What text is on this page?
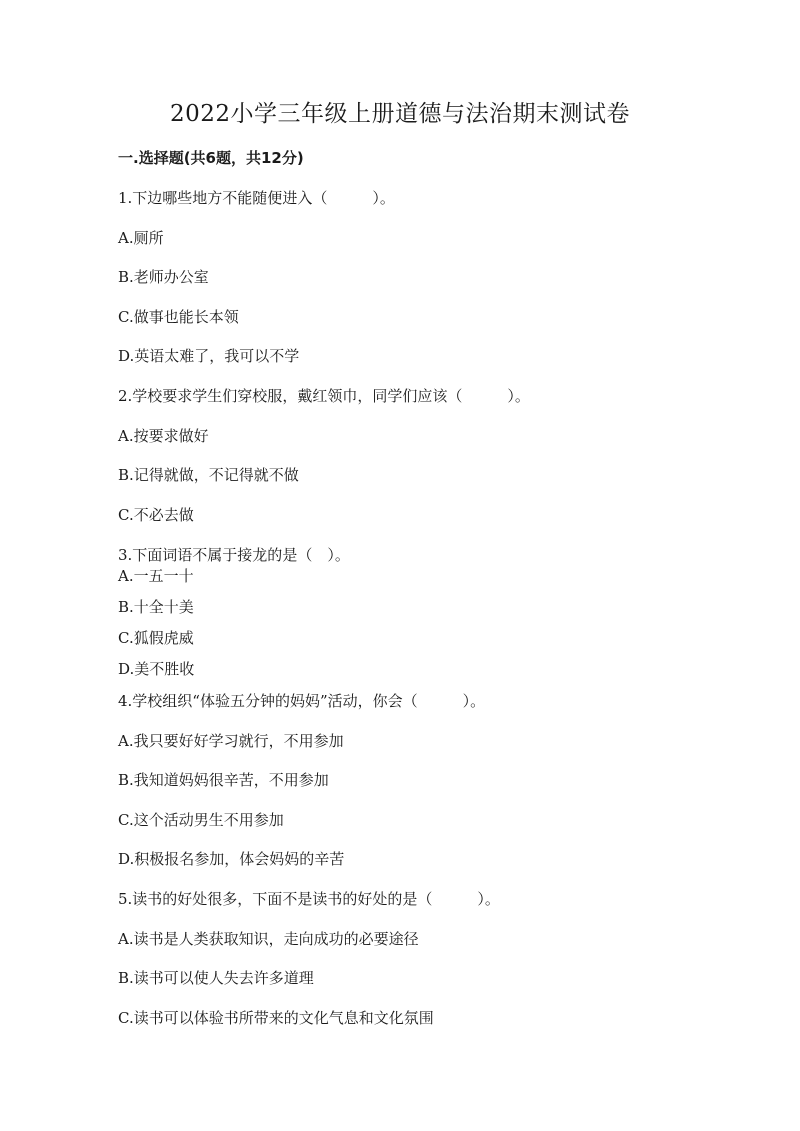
2022小学三年级上册道德与法治期末测试卷
一.选择题(共6题，共12分)
1.下边哪些地方不能随便进入（　　　）。
A.厕所
B.老师办公室
C.做事也能长本领
D.英语太难了，我可以不学
2.学校要求学生们穿校服，戴红领巾，同学们应该（　　　）。
A.按要求做好
B.记得就做，不记得就不做
C.不必去做
3.下面词语不属于接龙的是（　）。
A.一五一十
B.十全十美
C.狐假虎威
D.美不胜收
4.学校组织“体验五分钟的妈妈”活动，你会（　　　）。
A.我只要好好学习就行，不用参加
B.我知道妈妈很辛苦，不用参加
C.这个活动男生不用参加
D.积极报名参加，体会妈妈的辛苦
5.读书的好处很多，下面不是读书的好处的是（　　　）。
A.读书是人类获取知识，走向成功的必要途径
B.读书可以使人失去许多道理
C.读书可以体验书所带来的文化气息和文化氛围
